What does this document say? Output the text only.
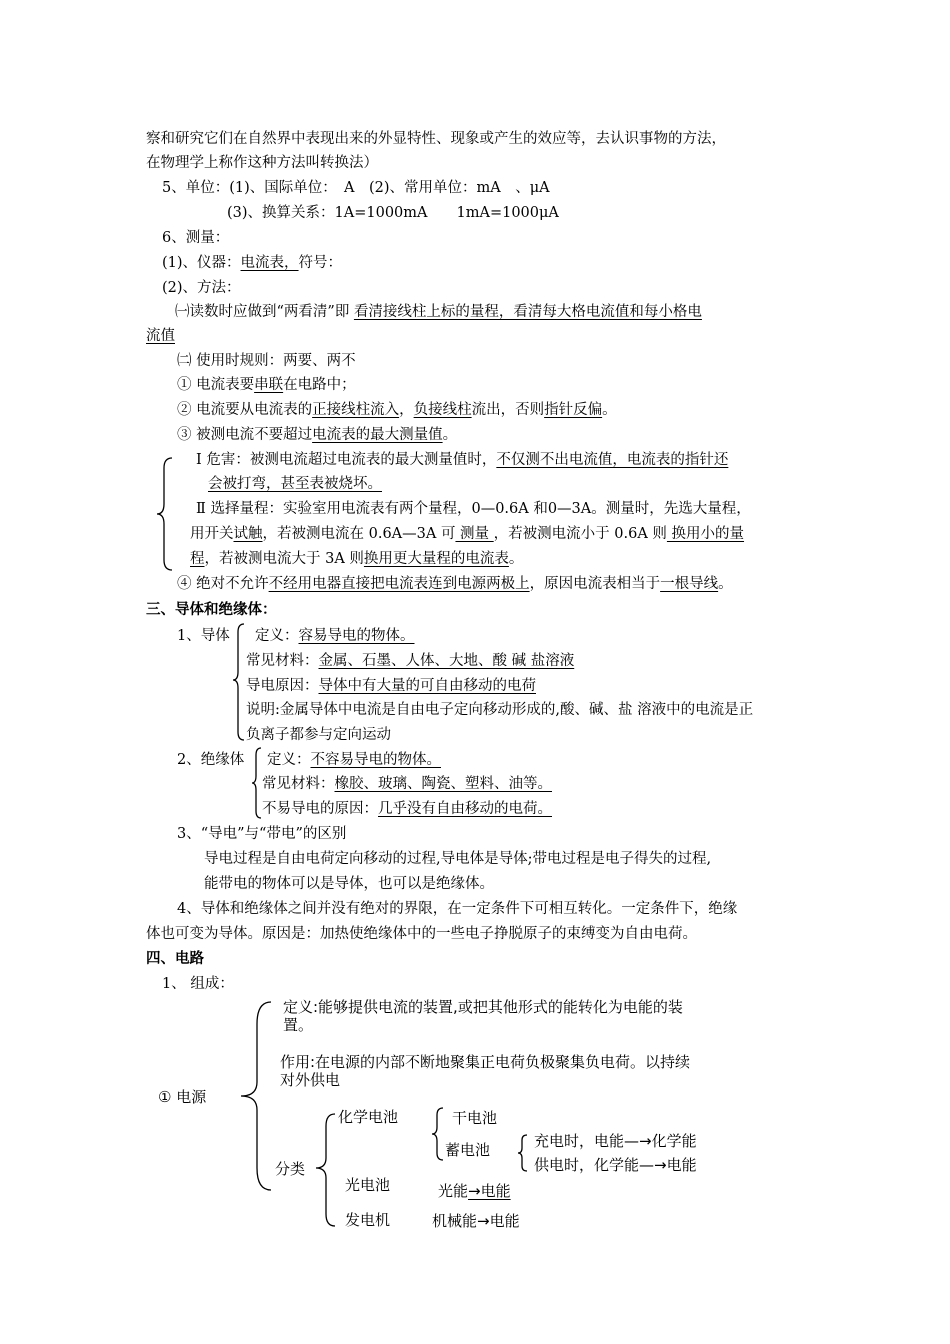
察和研究它们在自然界中表现出来的外显特性、现象或产生的效应等，去认识事物的方法，
在物理学上称作这种方法叫转换法）
5、单位：(1)、国际单位：　A　(2)、常用单位：mA　、μA
(3)、换算关系：1A=1000mA　　1mA=1000μA
6、测量：
(1)、仪器：电流表，符号：
(2)、方法：
㈠读数时应做到“两看清”即 看清接线柱上标的量程，看清每大格电流值和每小格电
流值
㈡ 使用时规则：两要、两不
① 电流表要串联在电路中；
② 电流要从电流表的正接线柱流入，负接线柱流出，否则指针反偏。
③ 被测电流不要超过电流表的最大测量值。
Ⅰ 危害：被测电流超过电流表的最大测量值时，不仅测不出电流值，电流表的指针还
会被打弯，甚至表被烧坏。
Ⅱ 选择量程：实验室用电流表有两个量程，0—0.6A 和0—3A。测量时，先选大量程，
用开关试触，若被测电流在 0.6A—3A 可 测量 ，若被测电流小于 0.6A 则 换用小的量
程，若被测电流大于 3A 则换用更大量程的电流表。
④ 绝对不允许不经用电器直接把电流表连到电源两极上，原因电流表相当于一根导线。
三、导体和绝缘体：
1、导体 定义：容易导电的物体。
常见材料：金属、石墨、人体、大地、酸 碱 盐溶液
导电原因：导体中有大量的可自由移动的电荷
说明:金属导体中电流是自由电子定向移动形成的,酸、碱、盐 溶液中的电流是正
负离子都参与定向运动
2、绝缘体 定义：不容易导电的物体。
常见材料：橡胶、玻璃、陶瓷、塑料、油等。
不易导电的原因：几乎没有自由移动的电荷。
3、“导电”与“带电”的区别
导电过程是自由电荷定向移动的过程,导电体是导体;带电过程是电子得失的过程,
能带电的物体可以是导体，也可以是绝缘体。
4、导体和绝缘体之间并没有绝对的界限，在一定条件下可相互转化。一定条件下，绝缘
体也可变为导体。原因是：加热使绝缘体中的一些电子挣脱原子的束缚变为自由电荷。
四、电路
1、 组成：
① 电源
定义:能够提供电流的装置,或把其他形式的能转化为电能的装
置。
作用:在电源的内部不断地聚集正电荷负极聚集负电荷。以持续
对外供电
分类
化学电池
光电池
发电机
干电池
蓄电池	充电时，电能—→化学能
供电时，化学能—→电能
光能→电能
机械能→电能
